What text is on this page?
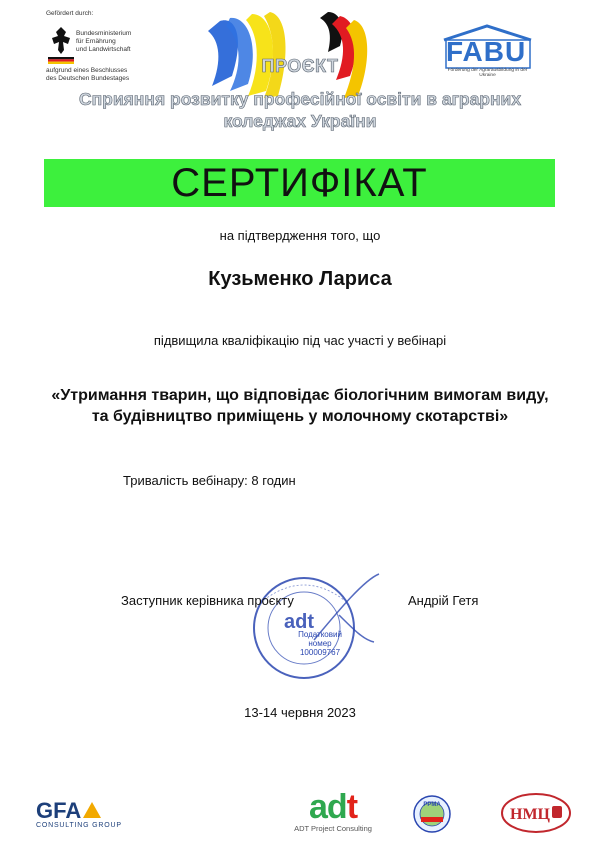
Gefördert durch:
Bundesministerium
für Ernährung
und Landwirtschaft
aufgrund eines Beschlusses
des Deutschen Bundestages
FABU
Förderung der Agrarausbildung in der Ukraine
ПРОЄКТ
Сприяння розвитку професійної освіти в аграрних
коледжах України
СЕРТИФІКАТ
на підтвердження того, що
Кузьменко Лариса
підвищила кваліфікацію під час участі у вебінарі
«Утримання тварин, що відповідає біологічним вимогам виду,
та будівництво приміщень у молочному скотарстві»
Тривалість вебінару: 8 годин
adt
Податковий номер
100009767
Заступник керівника проєкту	Андрій Гетя
13-14 червня 2023
GFA
CONSULTING GROUP	adt
ADT Project Consulting
PPMA
НМЦ
